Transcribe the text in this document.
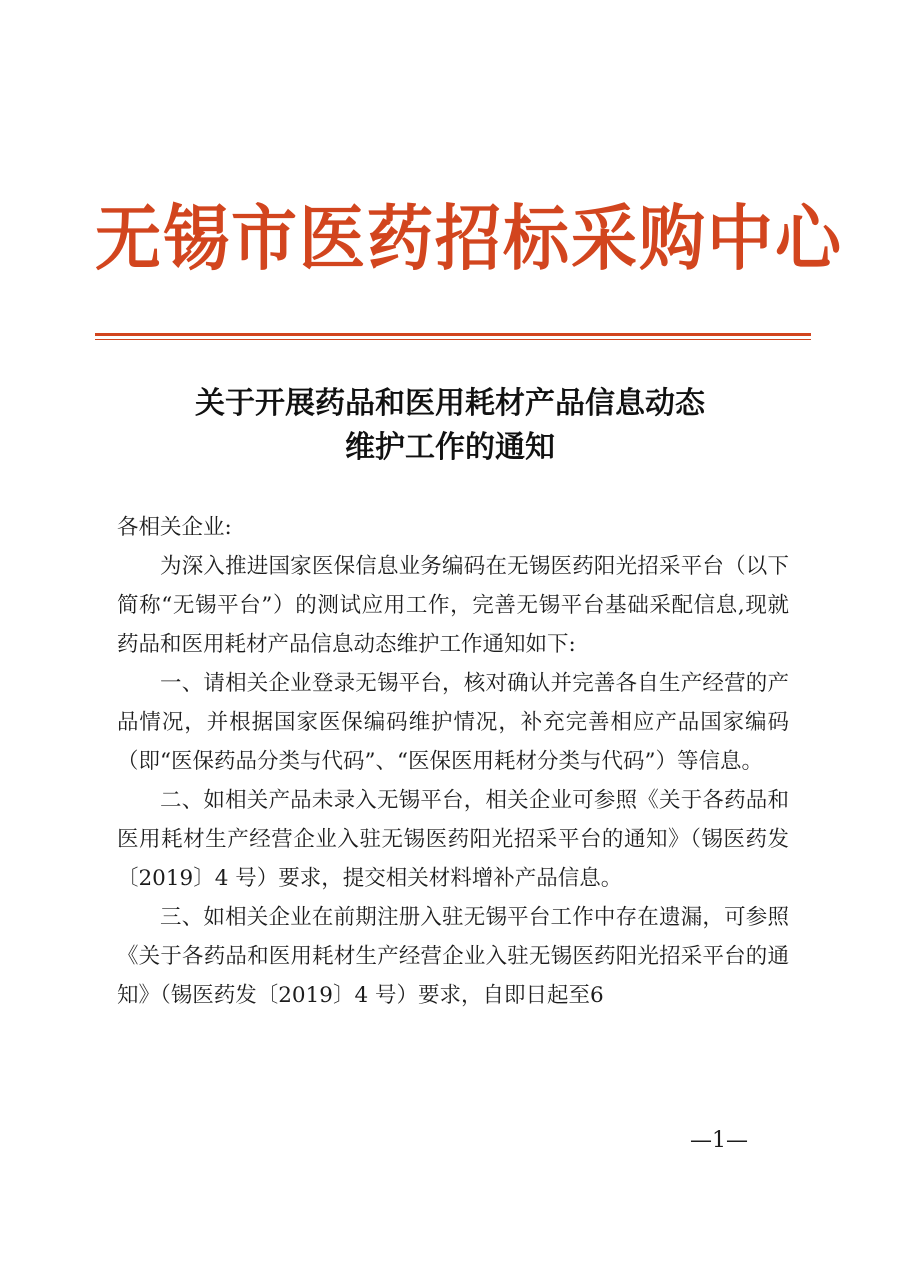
无锡市医药招标采购中心
关于开展药品和医用耗材产品信息动态
维护工作的通知

各相关企业:

为深入推进国家医保信息业务编码在无锡医药阳光招采平台（以下简称“无锡平台”）的测试应用工作，完善无锡平台基础采配信息,现就药品和医用耗材产品信息动态维护工作通知如下:

一、请相关企业登录无锡平台，核对确认并完善各自生产经营的产品情况，并根据国家医保编码维护情况，补充完善相应产品国家编码（即“医保药品分类与代码”、“医保医用耗材分类与代码”）等信息。

二、如相关产品未录入无锡平台，相关企业可参照《关于各药品和医用耗材生产经营企业入驻无锡医药阳光招采平台的通知》（锡医药发〔2019〕4 号）要求，提交相关材料增补产品信息。

三、如相关企业在前期注册入驻无锡平台工作中存在遗漏，可参照《关于各药品和医用耗材生产经营企业入驻无锡医药阳光招采平台的通知》（锡医药发〔2019〕4 号）要求，自即日起至6

—1—
